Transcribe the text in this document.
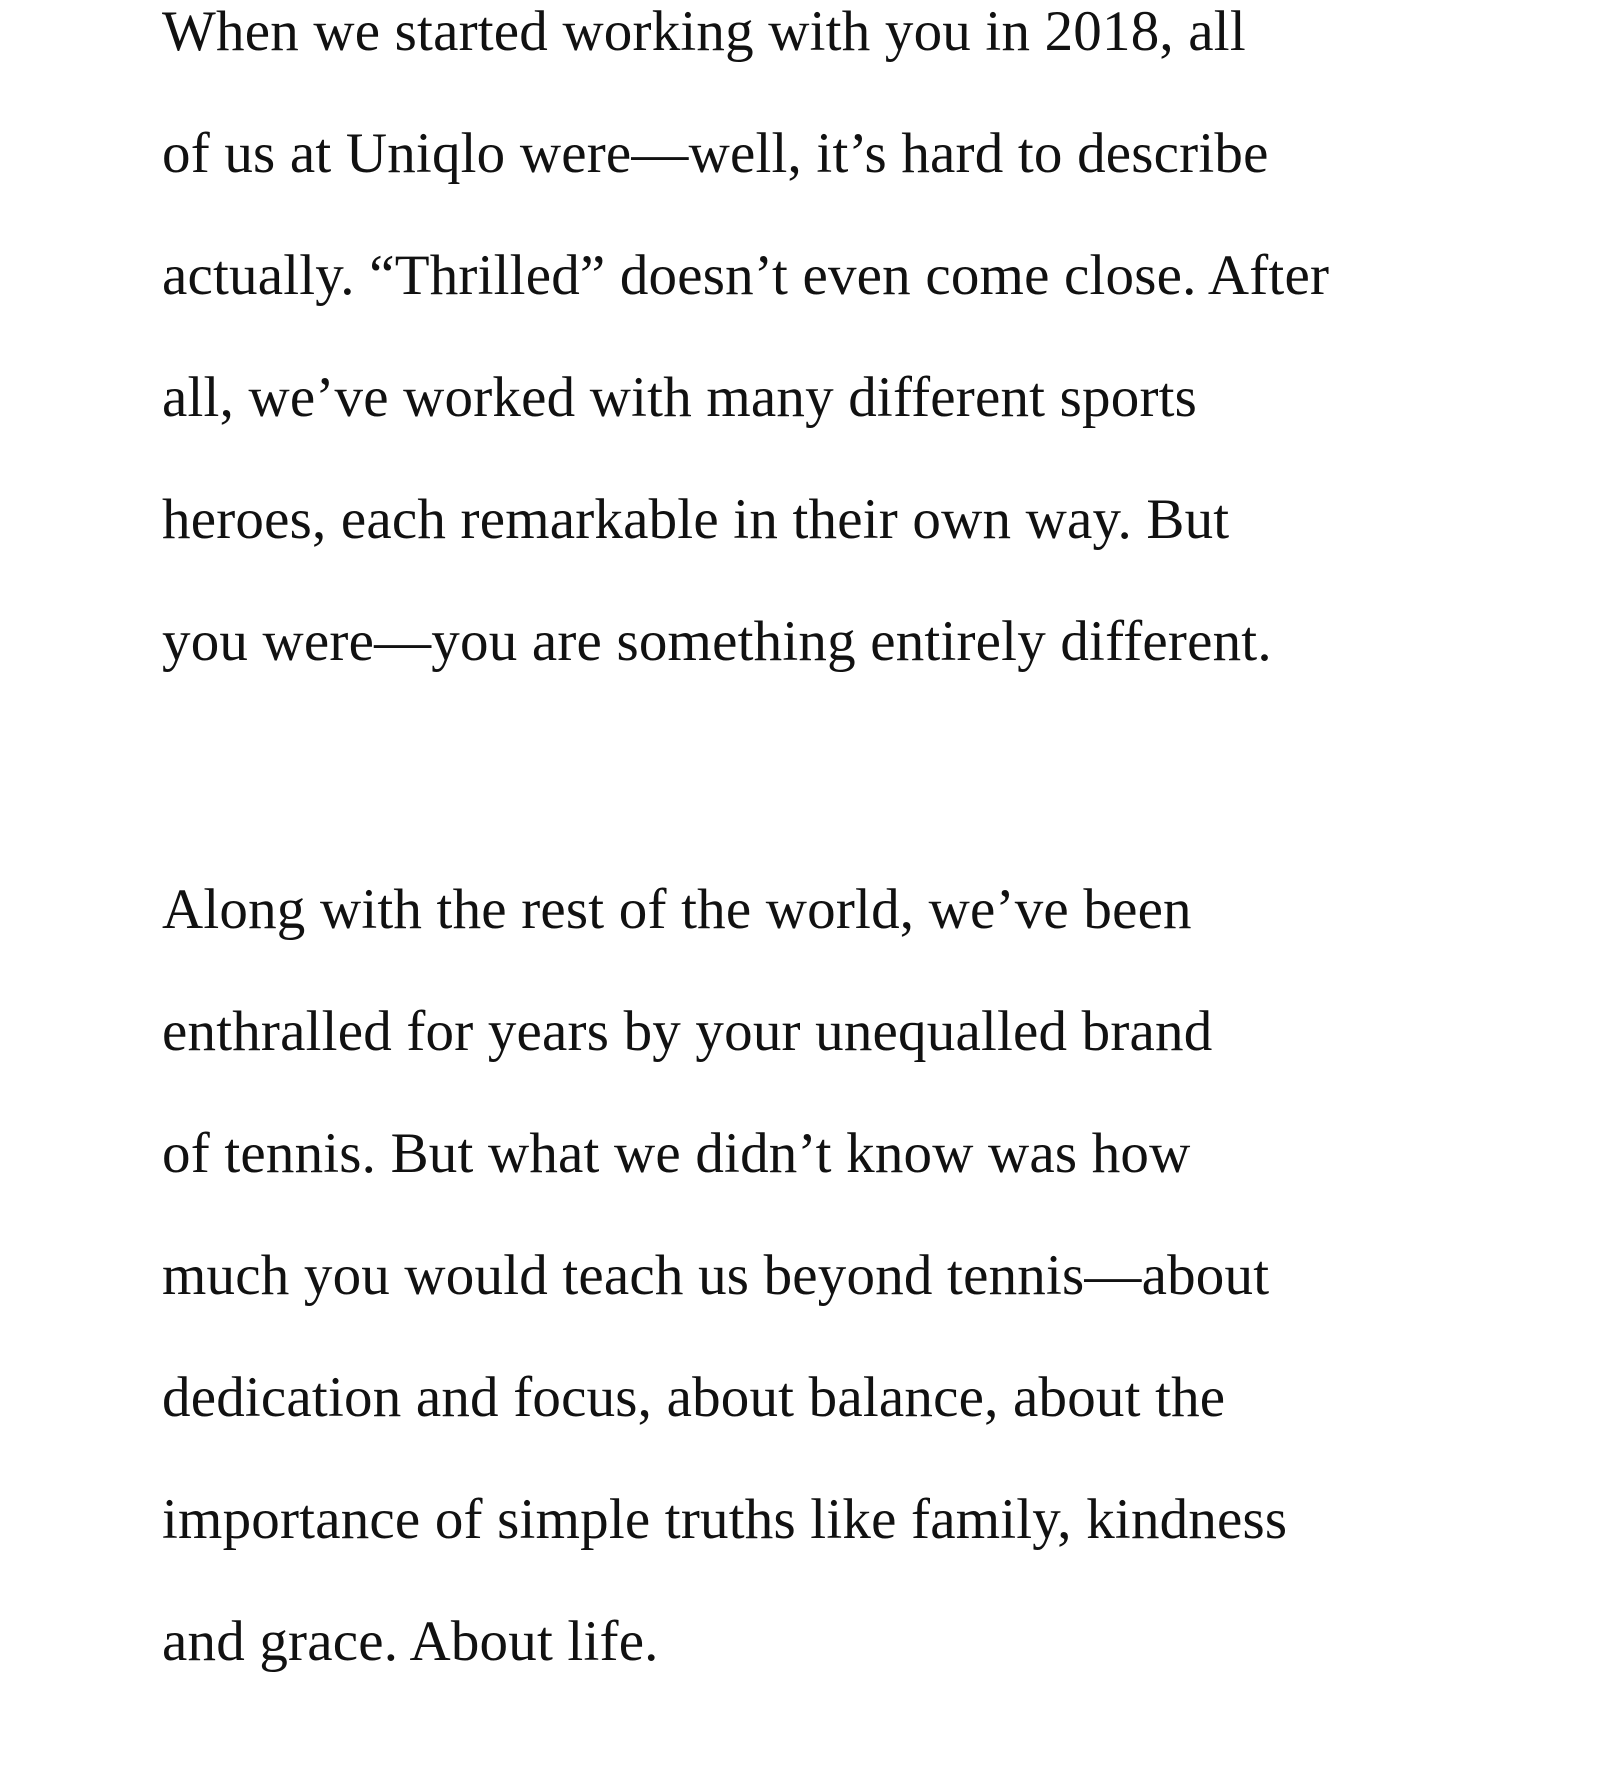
When we started working with you in 2018, all
of us at Uniqlo were—well, it’s hard to describe
actually. “Thrilled” doesn’t even come close. After
all, we’ve worked with many different sports
heroes, each remarkable in their own way. But
you were—you are something entirely different.
Along with the rest of the world, we’ve been
enthralled for years by your unequalled brand
of tennis. But what we didn’t know was how
much you would teach us beyond tennis—about
dedication and focus, about balance, about the
importance of simple truths like family, kindness
and grace. About life.
